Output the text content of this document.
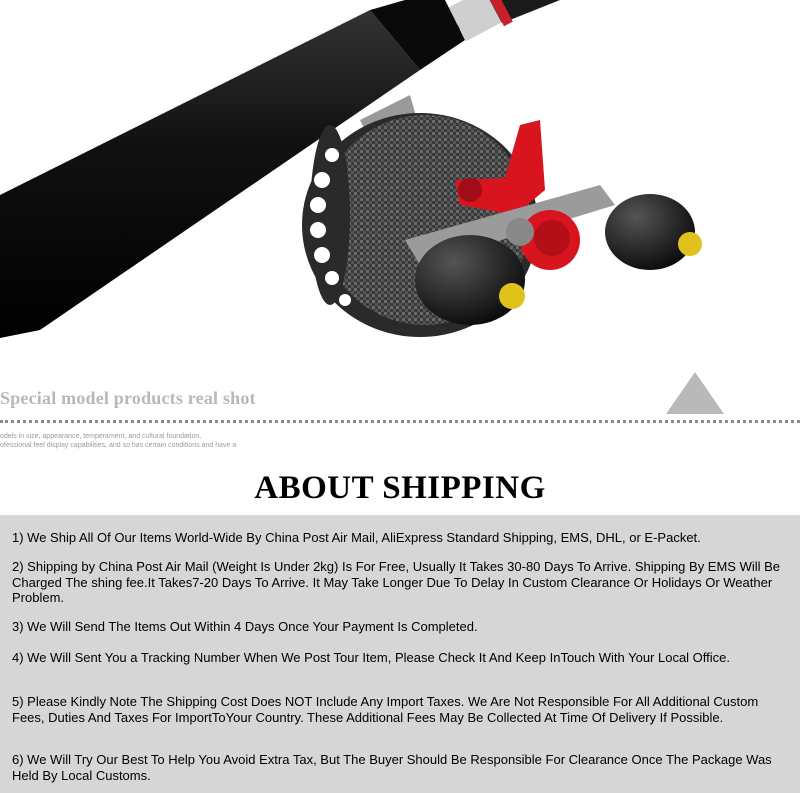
Special model products real shot
odels in size, appearance, temperament, and cultural foundation,
ofessional feel display capabilities, and so has certain conditions and have a
ABOUT SHIPPING

1) We Ship All Of Our Items World-Wide By China Post Air Mail, AliExpress Standard Shipping, EMS, DHL, or E-Packet.

2) Shipping by China Post Air Mail (Weight Is Under 2kg) Is For Free, Usually It Takes 30-80 Days To Arrive. Shipping By EMS Will Be Charged The shing fee.It Takes7-20 Days To Arrive. It May Take Longer Due To Delay In Custom Clearance Or Holidays Or Weather Problem.

3) We Will Send The Items Out Within 4 Days Once Your Payment Is Completed.

4) We Will Sent You a Tracking Number When We Post Tour Item, Please Check It And Keep InTouch With Your Local Office.

5) Please Kindly Note The Shipping Cost Does NOT Include Any Import Taxes. We Are Not Responsible For All Additional Custom Fees, Duties And Taxes For ImportToYour Country. These Additional Fees May Be Collected At Time Of Delivery If Possible.

6) We Will Try Our Best To Help You Avoid Extra Tax, But The Buyer Should Be Responsible For Clearance Once The Package Was Held By Local Customs.
